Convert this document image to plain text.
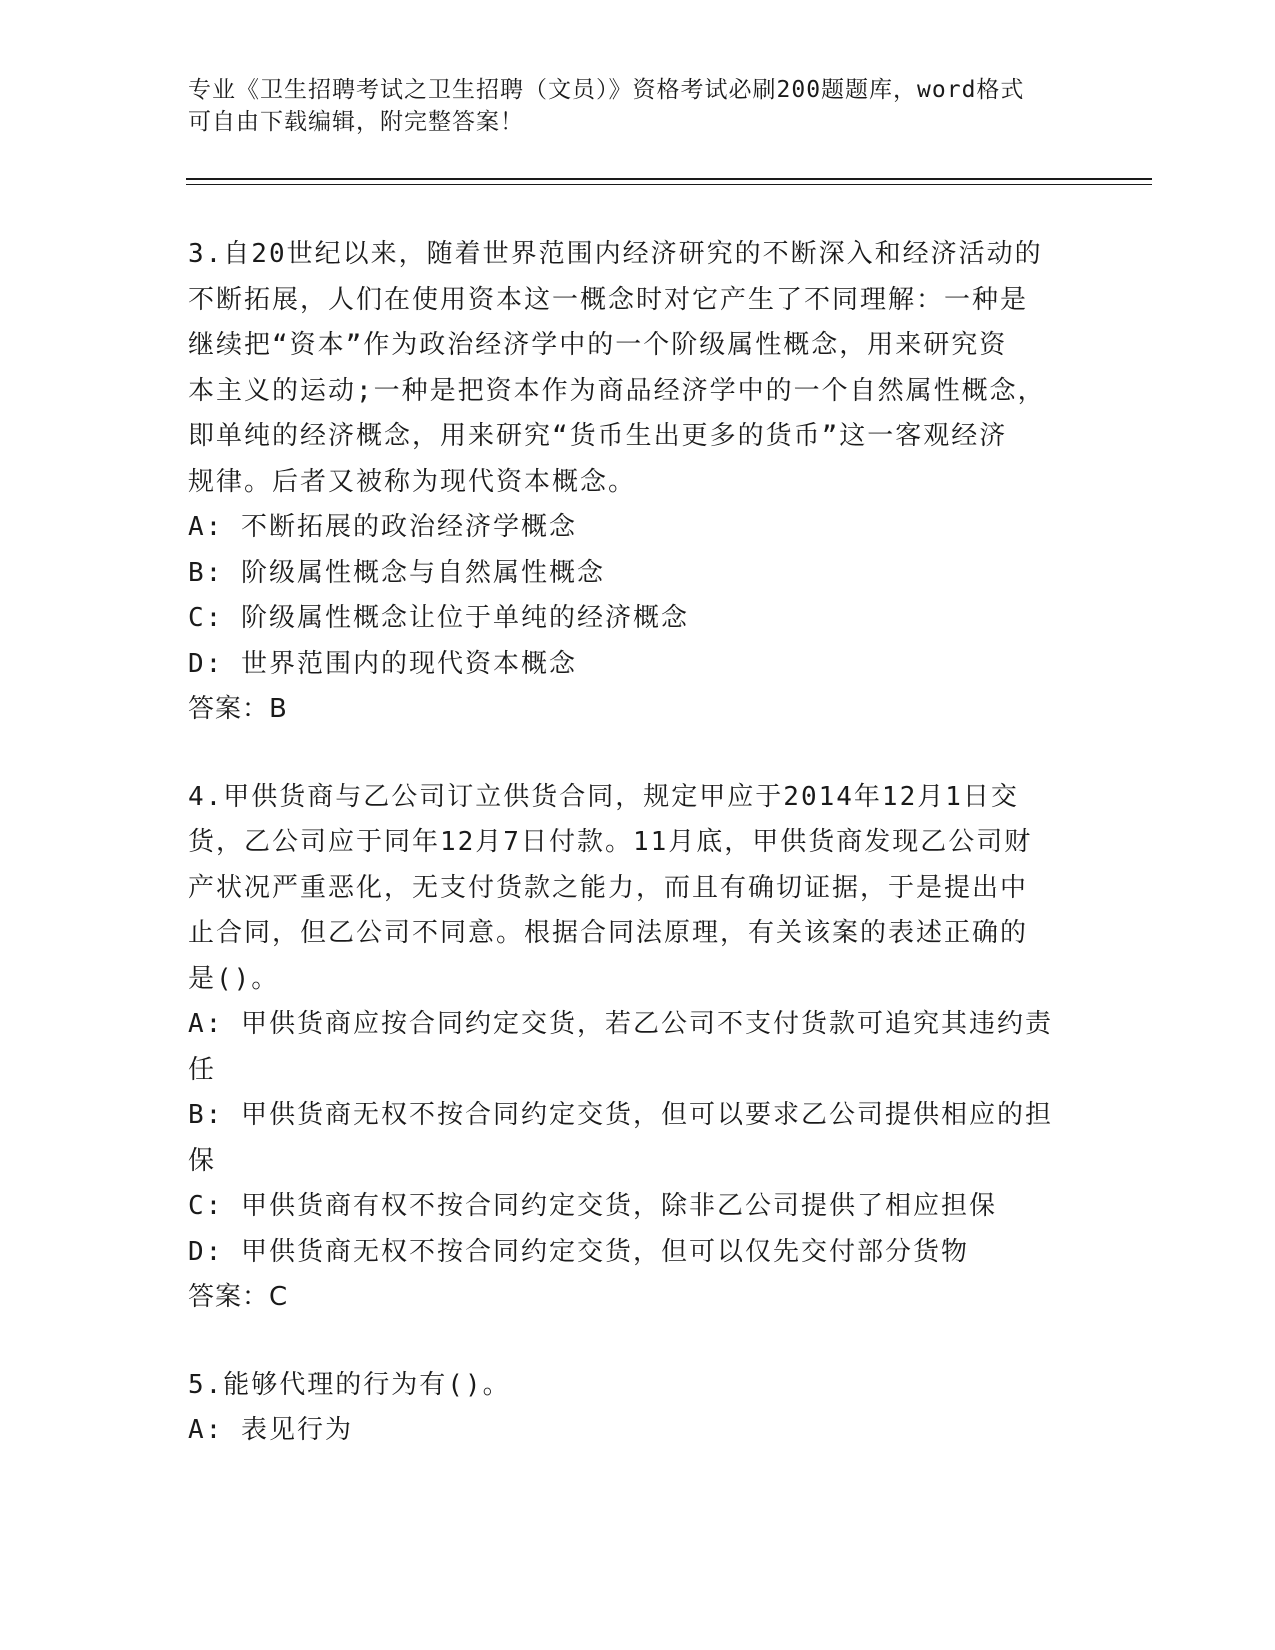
专业《卫生招聘考试之卫生招聘（文员）》资格考试必刷200题题库，word格式
可自由下载编辑，附完整答案！
3.自20世纪以来，随着世界范围内经济研究的不断深入和经济活动的
不断拓展，人们在使用资本这一概念时对它产生了不同理解：一种是
继续把“资本”作为政治经济学中的一个阶级属性概念，用来研究资
本主义的运动;一种是把资本作为商品经济学中的一个自然属性概念，
即单纯的经济概念，用来研究“货币生出更多的货币”这一客观经济
规律。后者又被称为现代资本概念。
A: 不断拓展的政治经济学概念
B: 阶级属性概念与自然属性概念
C: 阶级属性概念让位于单纯的经济概念
D: 世界范围内的现代资本概念
答案：B
4.甲供货商与乙公司订立供货合同，规定甲应于2014年12月1日交
货，乙公司应于同年12月7日付款。11月底，甲供货商发现乙公司财
产状况严重恶化，无支付货款之能力，而且有确切证据，于是提出中
止合同，但乙公司不同意。根据合同法原理，有关该案的表述正确的
是()。
A: 甲供货商应按合同约定交货，若乙公司不支付货款可追究其违约责
任
B: 甲供货商无权不按合同约定交货，但可以要求乙公司提供相应的担
保
C: 甲供货商有权不按合同约定交货，除非乙公司提供了相应担保
D: 甲供货商无权不按合同约定交货，但可以仅先交付部分货物
答案：C
5.能够代理的行为有()。
A: 表见行为
